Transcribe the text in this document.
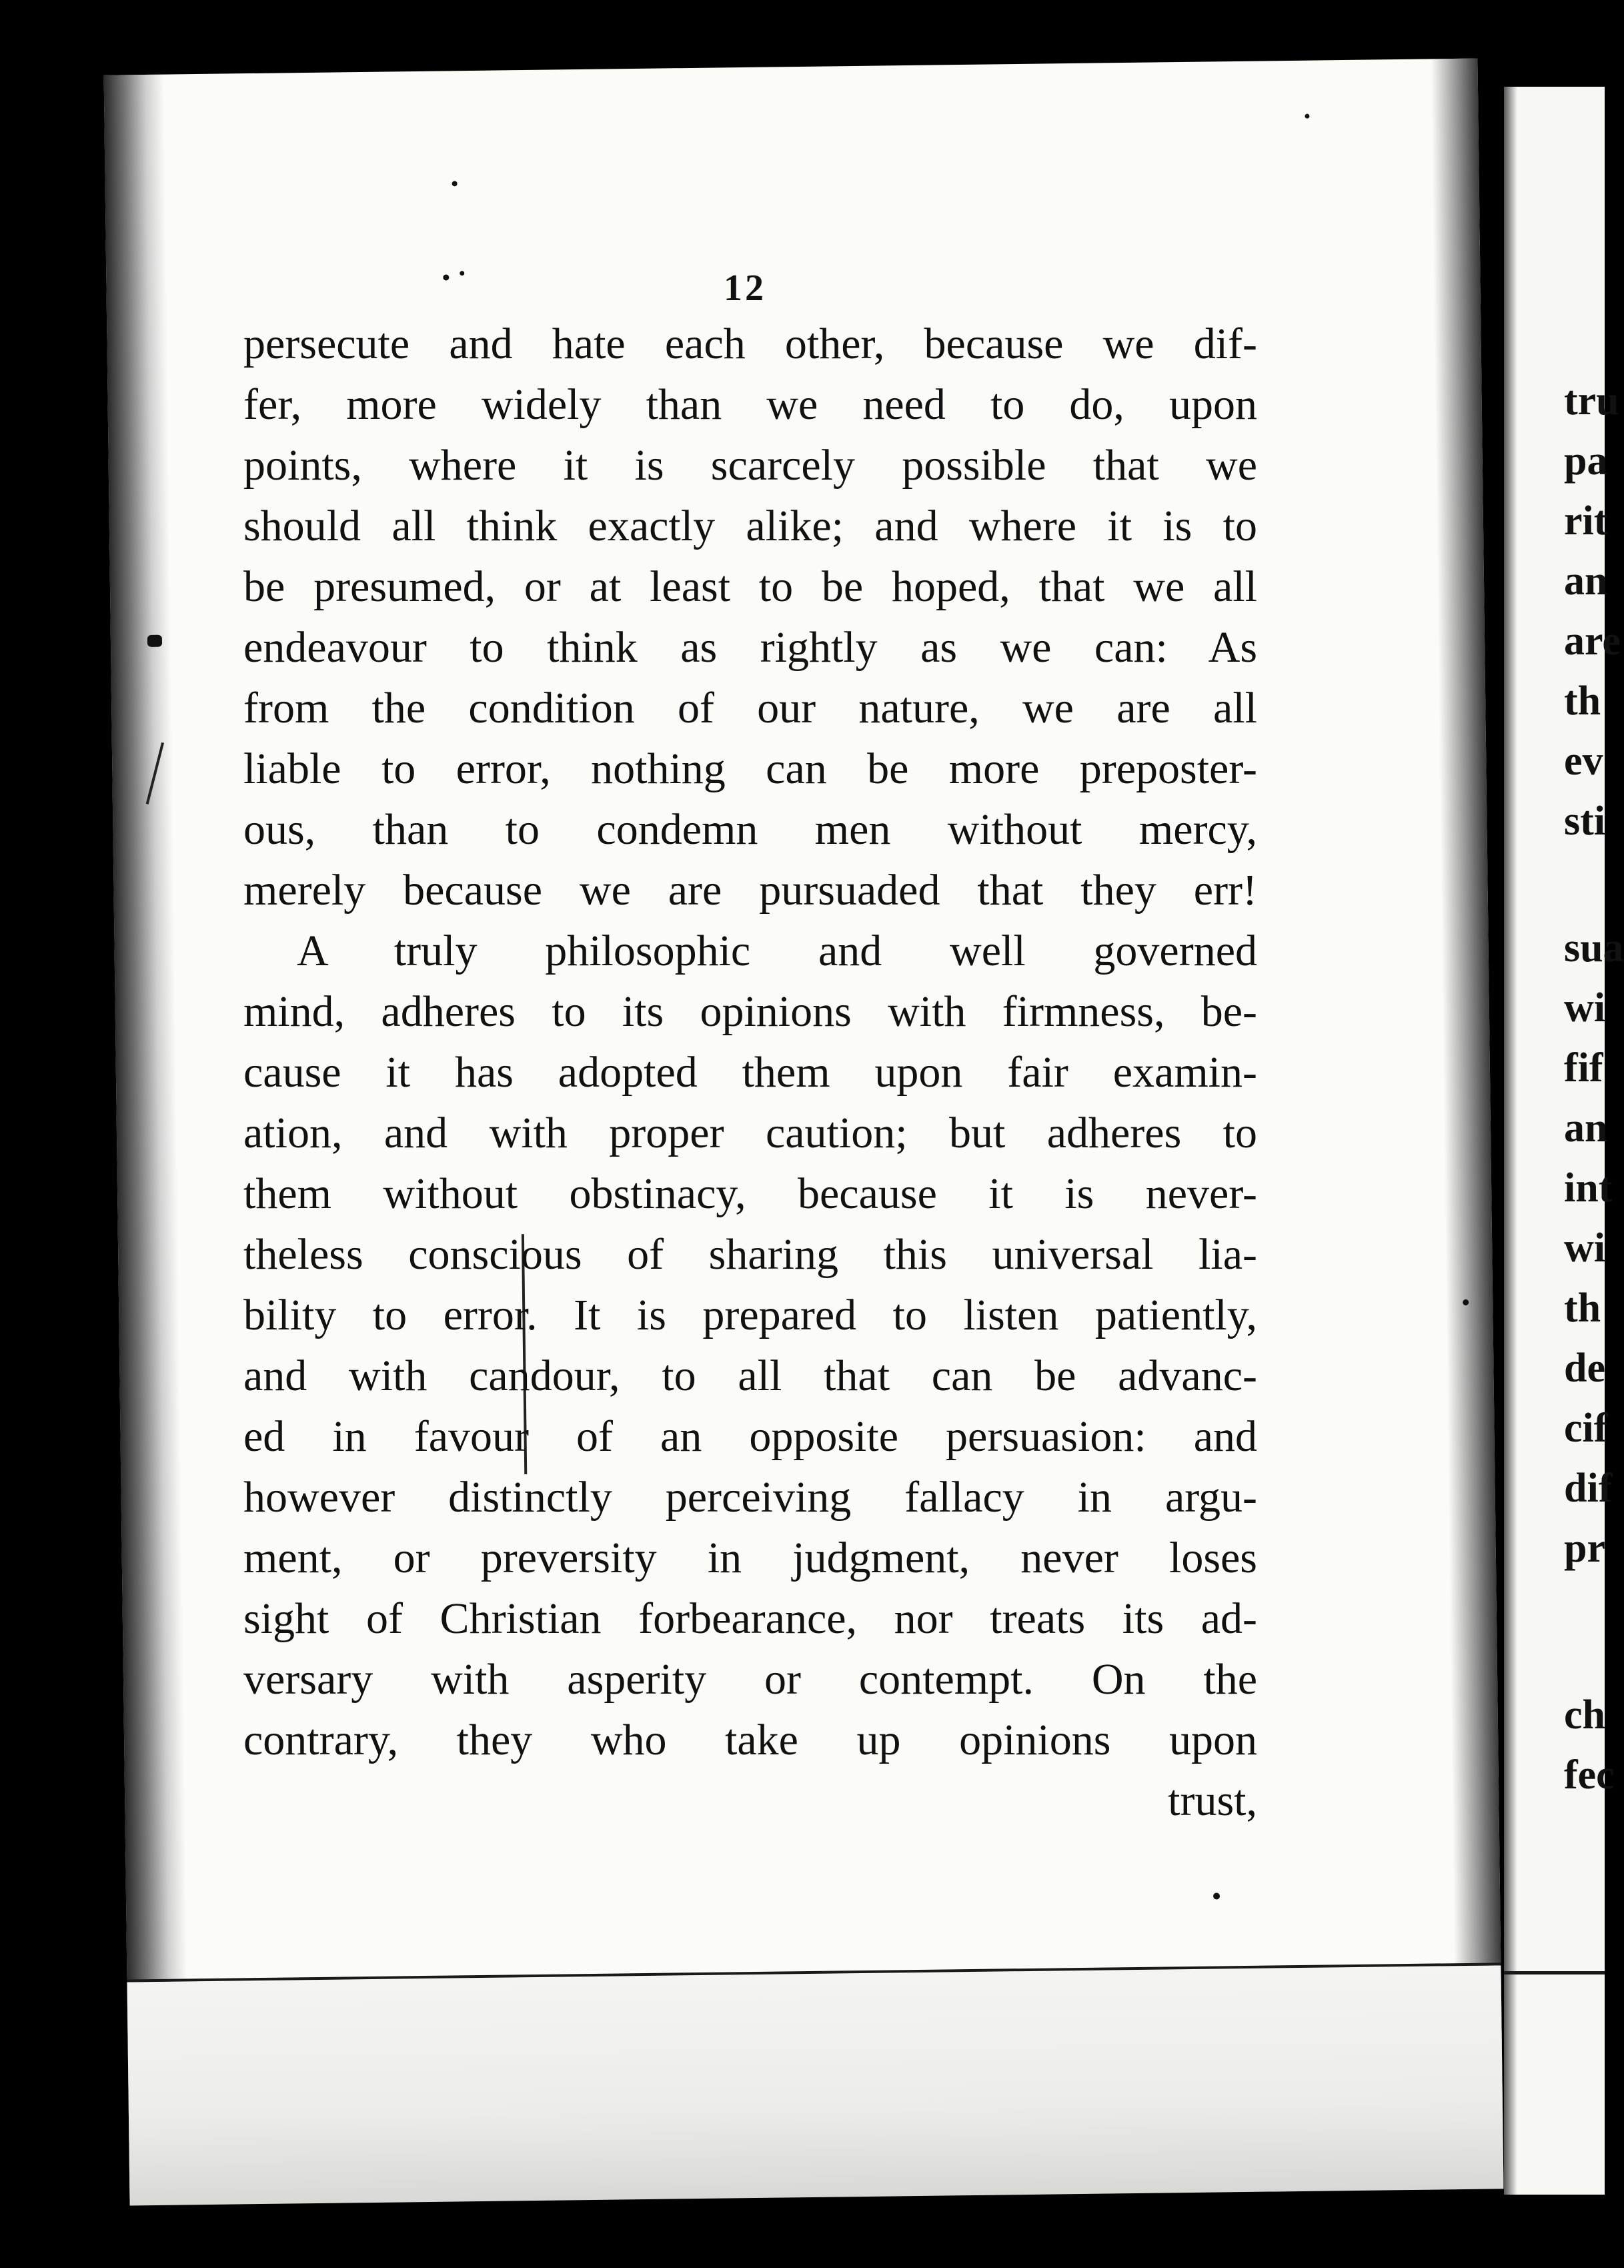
tru
pa
rit
an
are
th
ev
sti
sua
wi
fif
an
int
wi
th
de
cif
dif
pr
ch
fec
12
persecute and hate each other, because we dif-
fer, more widely than we need to do, upon
points, where it is scarcely possible that we
should all think exactly alike; and where it is to
be presumed, or at least to be hoped, that we all
endeavour to think as rightly as we can: As
from the condition of our nature, we are all
liable to error, nothing can be more preposter-
ous, than to condemn men without mercy,
merely because we are pursuaded that they err!
A truly philosophic and well governed
mind, adheres to its opinions with firmness, be-
cause it has adopted them upon fair examin-
ation, and with proper caution; but adheres to
them without obstinacy, because it is never-
theless conscious of sharing this universal lia-
bility to error. It is prepared to listen patiently,
and with candour, to all that can be advanc-
ed in favour of an opposite persuasion: and
however distinctly perceiving fallacy in argu-
ment, or preversity in judgment, never loses
sight of Christian forbearance, nor treats its ad-
versary with asperity or contempt. On the
contrary, they who take up opinions upon
trust,
